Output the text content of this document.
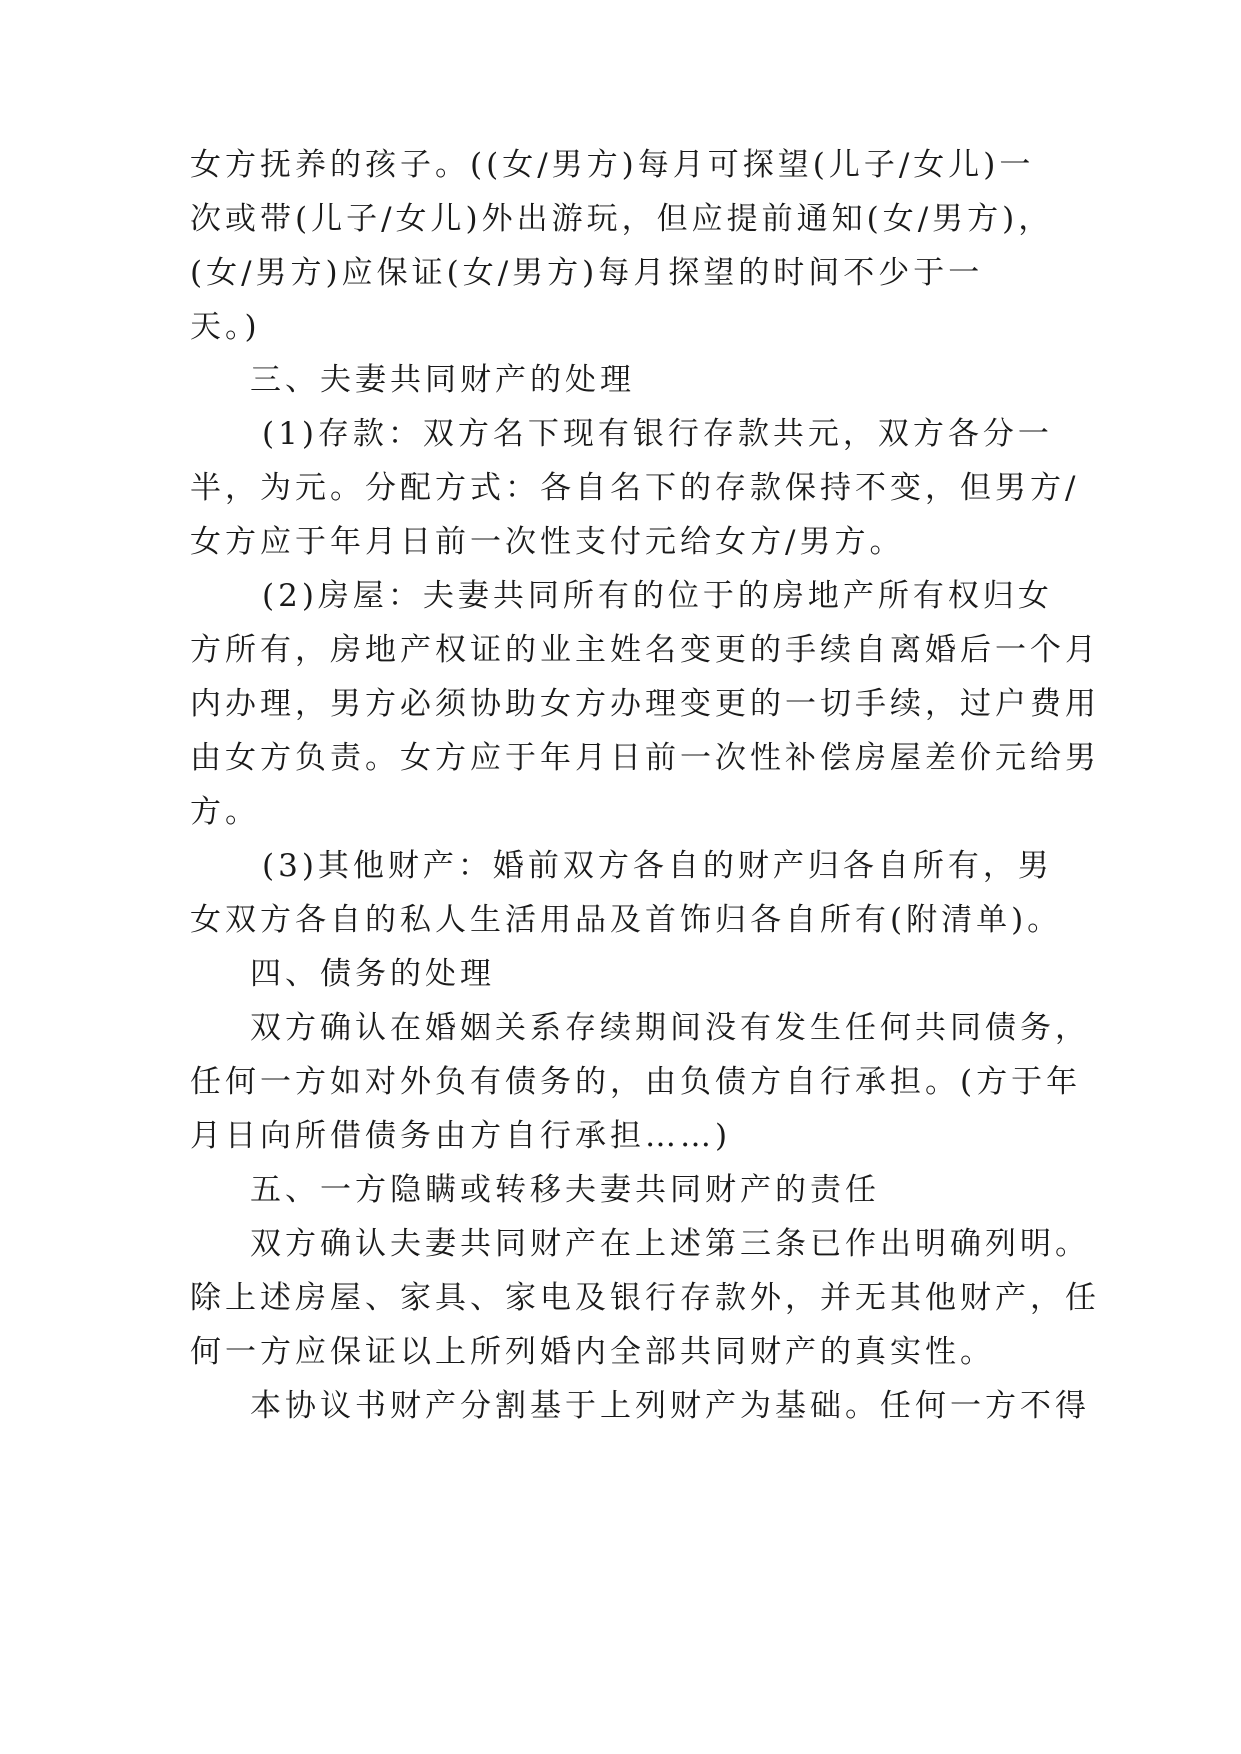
女方抚养的孩子。((女/男方)每月可探望(儿子/女儿)一
次或带(儿子/女儿)外出游玩，但应提前通知(女/男方)，
(女/男方)应保证(女/男方)每月探望的时间不少于一
天。)
三、夫妻共同财产的处理
(1)存款：双方名下现有银行存款共元，双方各分一
半，为元。分配方式：各自名下的存款保持不变，但男方/
女方应于年月日前一次性支付元给女方/男方。
(2)房屋：夫妻共同所有的位于的房地产所有权归女
方所有，房地产权证的业主姓名变更的手续自离婚后一个月
内办理，男方必须协助女方办理变更的一切手续，过户费用
由女方负责。女方应于年月日前一次性补偿房屋差价元给男
方。
(3)其他财产：婚前双方各自的财产归各自所有，男
女双方各自的私人生活用品及首饰归各自所有(附清单)。
四、债务的处理
双方确认在婚姻关系存续期间没有发生任何共同债务，
任何一方如对外负有债务的，由负债方自行承担。(方于年
月日向所借债务由方自行承担……)
五、一方隐瞒或转移夫妻共同财产的责任
双方确认夫妻共同财产在上述第三条已作出明确列明。
除上述房屋、家具、家电及银行存款外，并无其他财产，任
何一方应保证以上所列婚内全部共同财产的真实性。
本协议书财产分割基于上列财产为基础。任何一方不得
